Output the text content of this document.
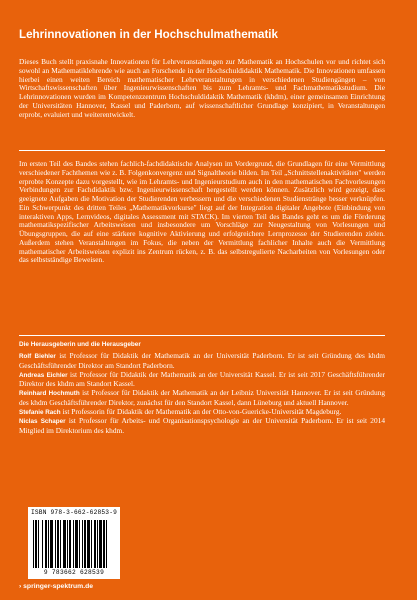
Lehrinnovationen in der Hochschulmathematik

Dieses Buch stellt praxisnahe Innovationen für Lehrveranstaltungen zur Mathematik an Hochschulen vor und richtet sich sowohl an Mathematiklehrende wie auch an Forschende in der Hochschuldidaktik Mathematik. Die Innovationen umfassen hierbei einen weiten Bereich mathematischer Lehrveranstaltungen in verschiedenen Studiengängen – von Wirtschaftswissenschaften über Ingenieurwissenschaften bis zum Lehramts- und Fachmathematikstudium. Die Lehrinnovationen wurden im Kompetenzzentrum Hochschuldidaktik Mathematik (khdm), einer gemeinsamen Einrichtung der Universitäten Hannover, Kassel und Paderborn, auf wissenschaftlicher Grundlage konzipiert, in Veranstaltungen erprobt, evaluiert und weiterentwickelt.

Im ersten Teil des Bandes stehen fachlich-fachdidaktische Analysen im Vordergrund, die Grundlagen für eine Vermittlung verschiedener Fachthemen wie z. B. Folgenkonvergenz und Signaltheorie bilden. Im Teil „Schnittstellenaktivitäten" werden erprobte Konzepte dazu vorgestellt, wie im Lehramts- und Ingenieurstudium auch in den mathematischen Fachvorlesungen Verbindungen zur Fachdidaktik bzw. Ingenieurwissenschaft hergestellt werden können. Zusätzlich wird gezeigt, dass geeignete Aufgaben die Motivation der Studierenden verbessern und die verschiedenen Studienstränge besser verknüpfen. Ein Schwerpunkt des dritten Teiles „Mathematikvorkurse" liegt auf der Integration digitaler Angebote (Einbindung von interaktiven Apps, Lernvideos, digitales Assessment mit STACK). Im vierten Teil des Bandes geht es um die Förderung mathematikspezifischer Arbeitsweisen und insbesondere um Vorschläge zur Neugestaltung von Vorlesungen und Übungsgruppen, die auf eine stärkere kognitive Aktivierung und erfolgreichere Lernprozesse der Studierenden zielen. Außerdem stehen Veranstaltungen im Fokus, die neben der Vermittlung fachlicher Inhalte auch die Vermittlung mathematischer Arbeitsweisen explizit ins Zentrum rücken, z. B. das selbstregulierte Nacharbeiten von Vorlesungen oder das selbstständige Beweisen.

Die Herausgeberin und die Herausgeber

Rolf Biehler ist Professor für Didaktik der Mathematik an der Universität Paderborn. Er ist seit Gründung des khdm Geschäftsführender Direktor am Standort Paderborn.

Andreas Eichler ist Professor für Didaktik der Mathematik an der Universität Kassel. Er ist seit 2017 Geschäftsführender Direktor des khdm am Standort Kassel.

Reinhard Hochmuth ist Professor für Didaktik der Mathematik an der Leibniz Universität Hannover. Er ist seit Gründung des khdm Geschäftsführender Direktor, zunächst für den Standort Kassel, dann Lüneburg und aktuell Hannover.

Stefanie Rach ist Professorin für Didaktik der Mathematik an der Otto-von-Guericke-Universität Magdeburg.

Niclas Schaper ist Professor für Arbeits- und Organisationspsychologie an der Universität Paderborn. Er ist seit 2014 Mitglied im Direktorium des khdm.

ISBN 978-3-662-62853-9
9 783662 628539
› springer-spektrum.de
